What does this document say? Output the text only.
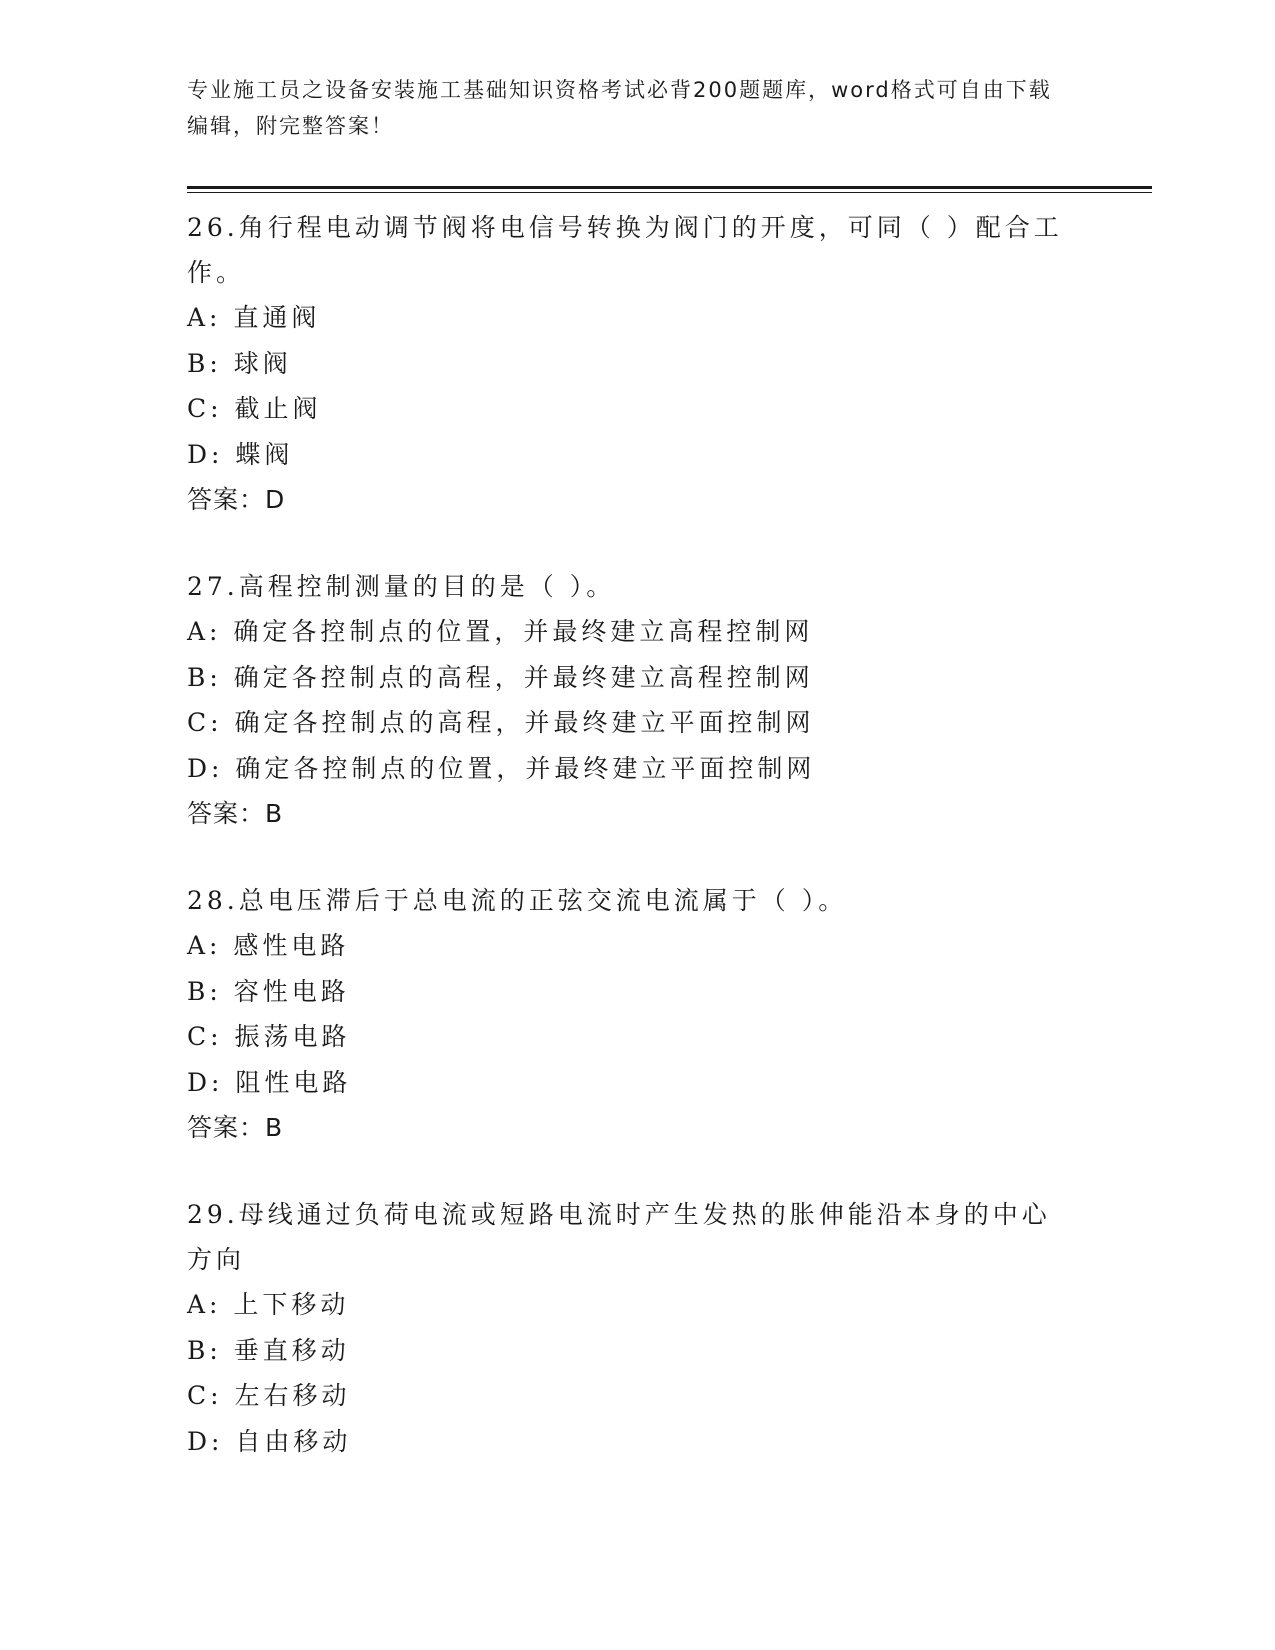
专业施工员之设备安装施工基础知识资格考试必背200题题库，word格式可自由下载编辑，附完整答案！

26.角行程电动调节阀将电信号转换为阀门的开度，可同（ ）配合工作。

A: 直通阀

B: 球阀

C: 截止阀

D: 蝶阀

答案：D

27.高程控制测量的目的是（ ）。

A: 确定各控制点的位置，并最终建立高程控制网

B: 确定各控制点的高程，并最终建立高程控制网

C: 确定各控制点的高程，并最终建立平面控制网

D: 确定各控制点的位置，并最终建立平面控制网

答案：B

28.总电压滞后于总电流的正弦交流电流属于（ ）。

A: 感性电路

B: 容性电路

C: 振荡电路

D: 阻性电路

答案：B

29.母线通过负荷电流或短路电流时产生发热的胀伸能沿本身的中心方向

A: 上下移动

B: 垂直移动

C: 左右移动

D: 自由移动
